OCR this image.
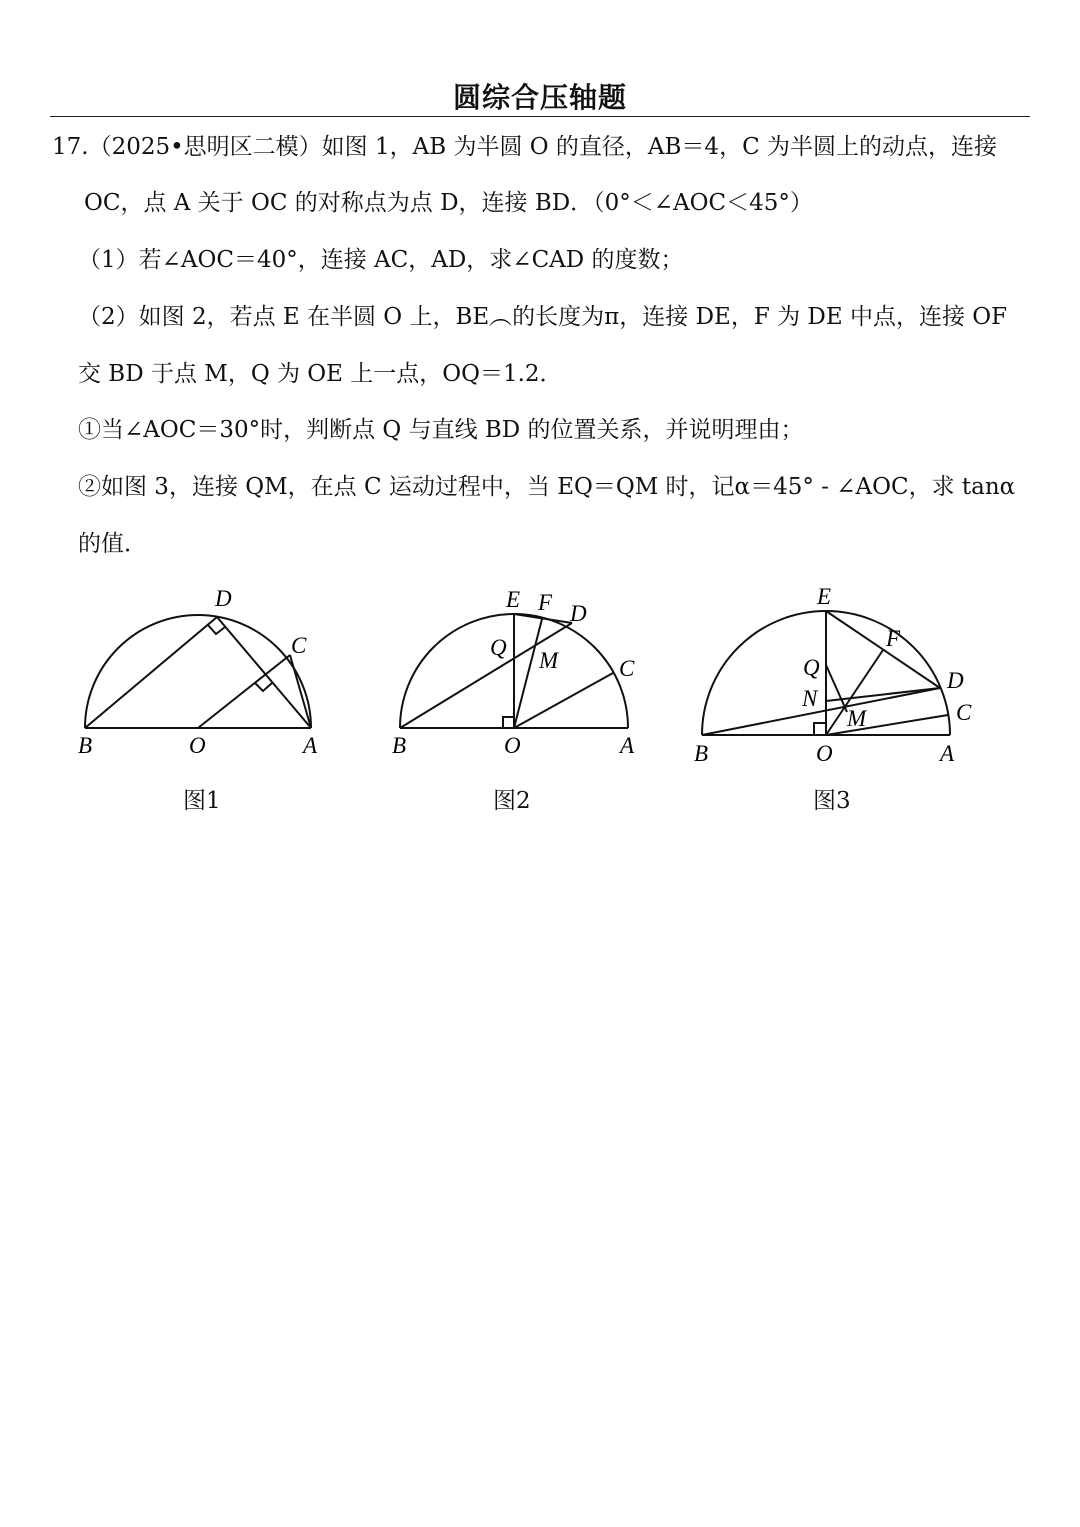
圆综合压轴题
17.（2025•思明区二模）如图 1，AB 为半圆 O 的直径，AB＝4，C 为半圆上的动点，连接
OC，点 A 关于 OC 的对称点为点 D，连接 BD．（0°＜∠AOC＜45°）
（1）若∠AOC＝40°，连接 AC，AD，求∠CAD 的度数；
（2）如图 2，若点 E 在半圆 O 上，BE︵的长度为π，连接 DE，F 为 DE 中点，连接 OF
交 BD 于点 M，Q 为 OE 上一点，OQ＝1.2．
①当∠AOC＝30°时，判断点 Q 与直线 BD 的位置关系，并说明理由；
②如图 3，连接 QM，在点 C 运动过程中，当 EQ＝QM 时，记α＝45° - ∠AOC，求 tanα
的值．
B	O	A
D
C
图1
B	O	A
E F D
C
Q
M
图2
B	O	A
E
F
D
C
Q
N
M
图3
